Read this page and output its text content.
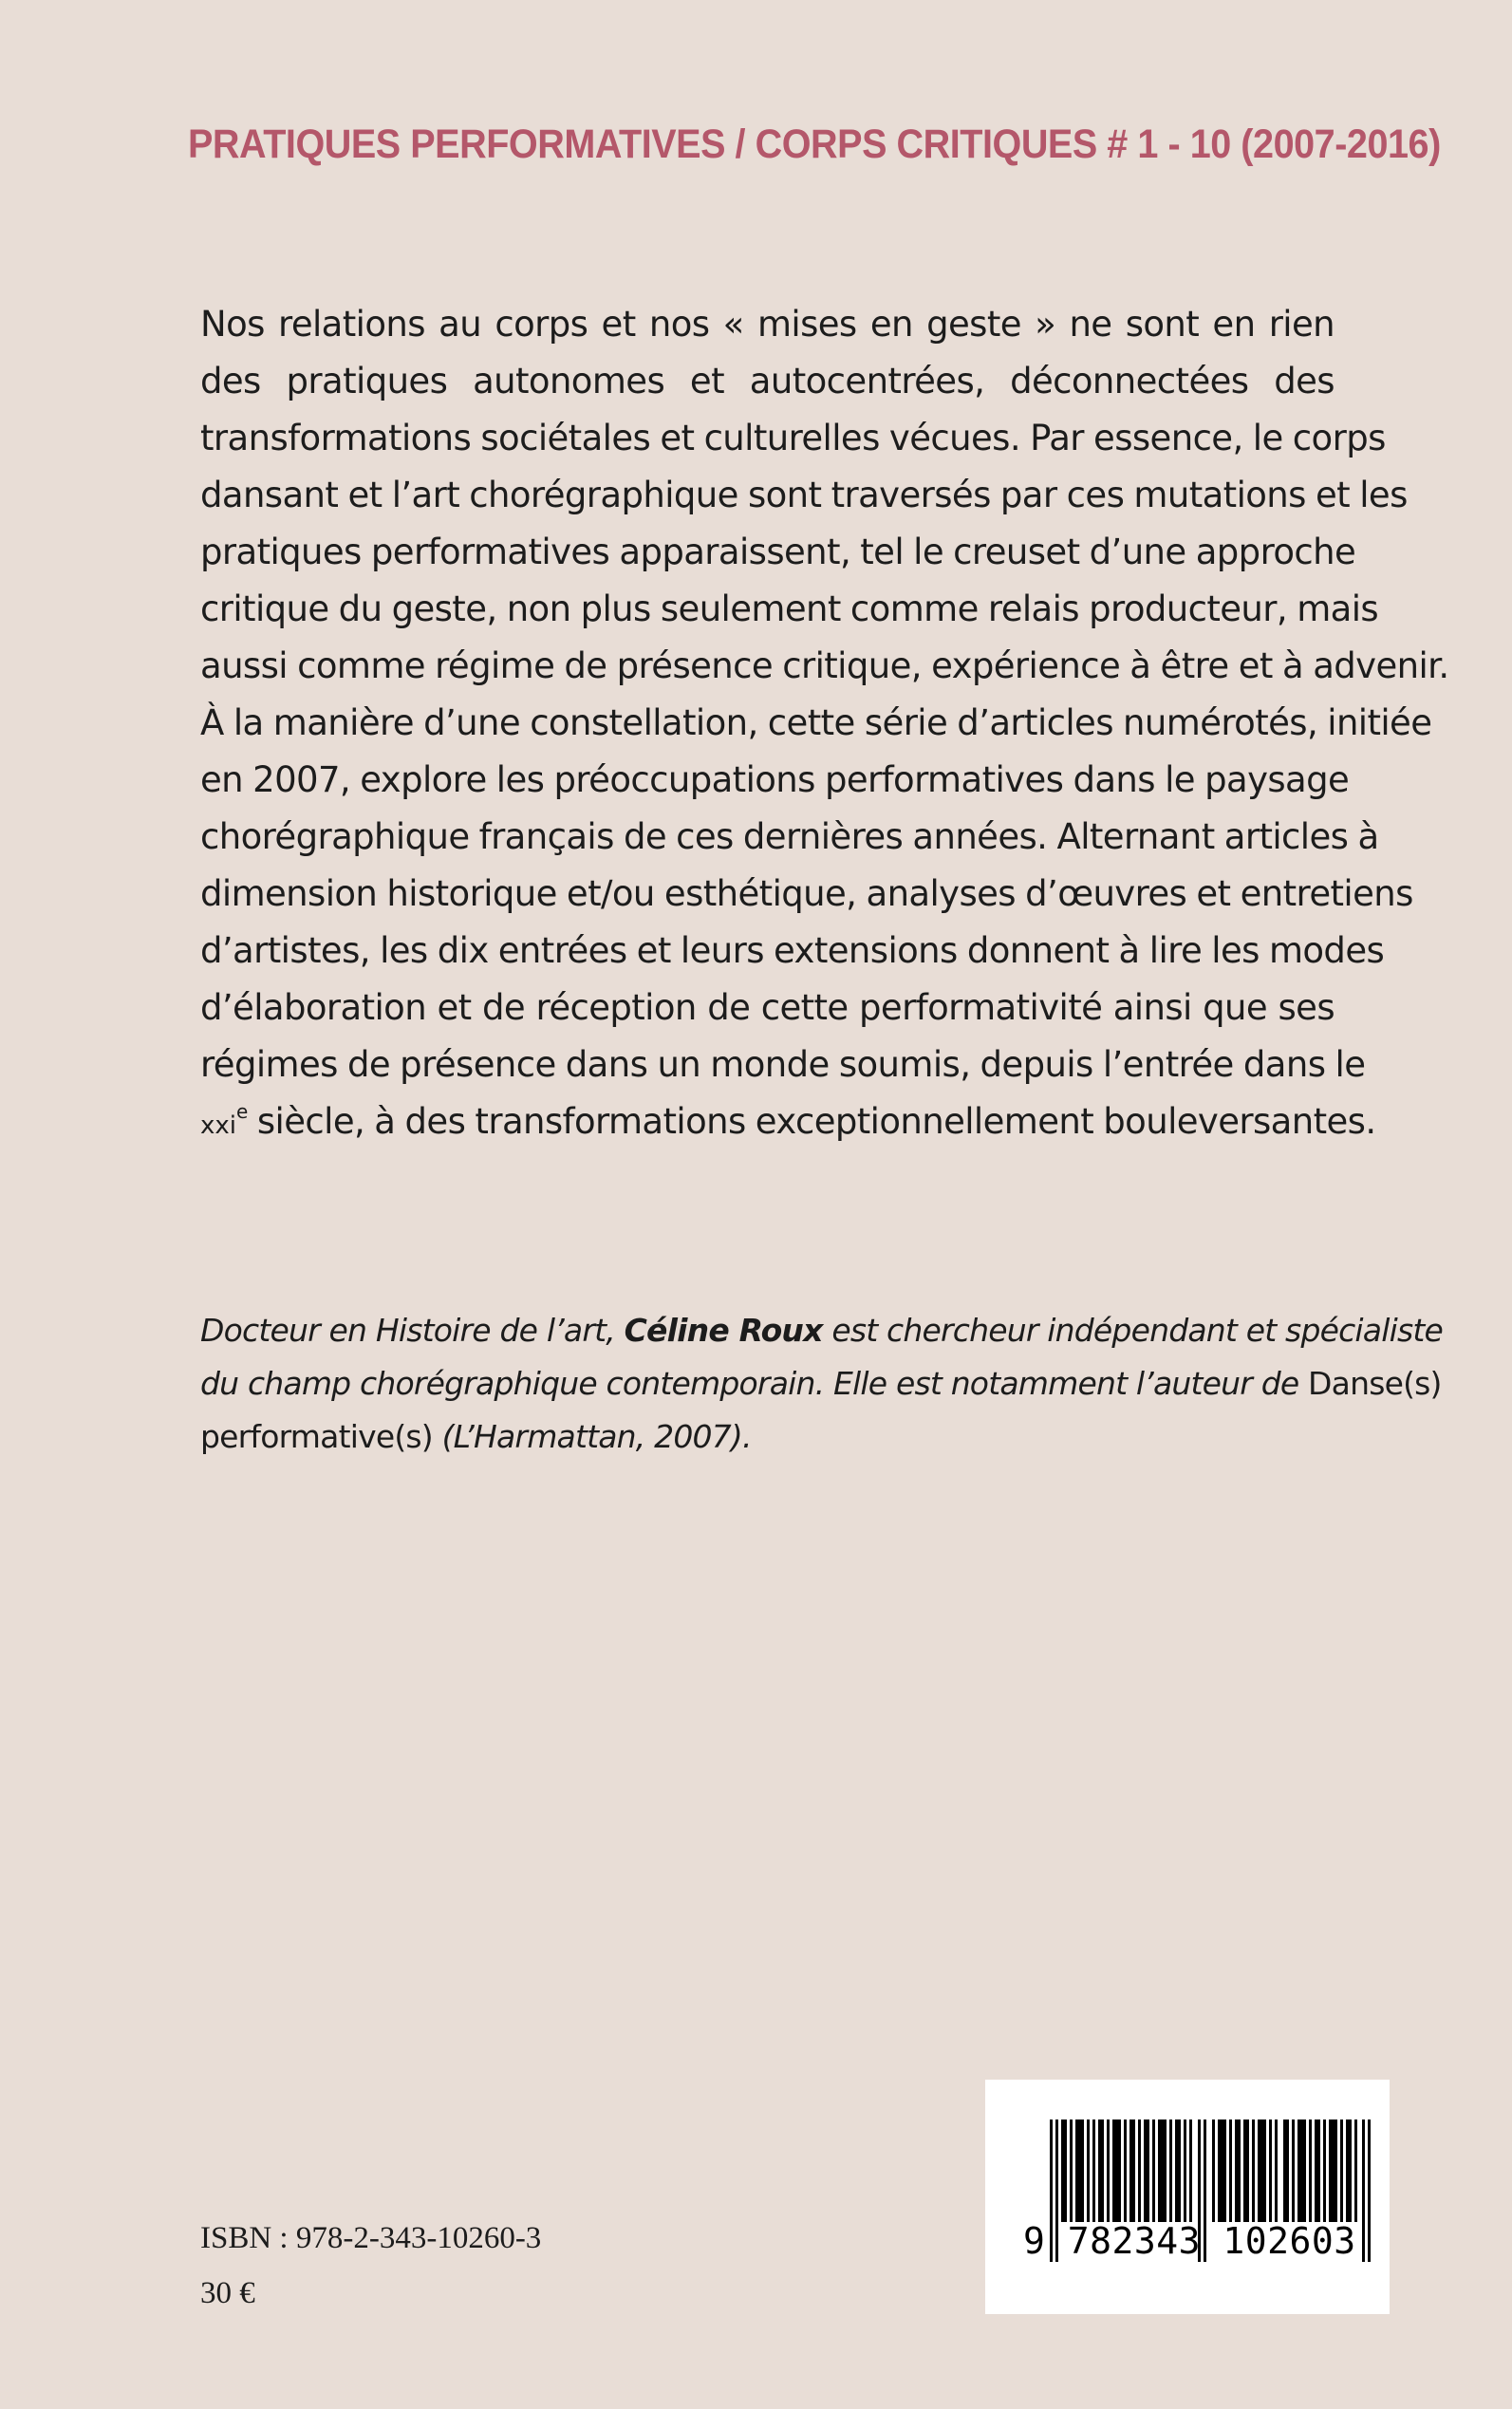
PRATIQUES PERFORMATIVES / CORPS CRITIQUES # 1 - 10 (2007-2016)
Nos relations au corps et nos « mises en geste » ne sont en rien
des pratiques autonomes et autocentrées, déconnectées des
transformations sociétales et culturelles vécues. Par essence, le corps
dansant et l’art chorégraphique sont traversés par ces mutations et les
pratiques performatives apparaissent, tel le creuset d’une approche
critique du geste, non plus seulement comme relais producteur, mais
aussi comme régime de présence critique, expérience à être et à advenir.
À la manière d’une constellation, cette série d’articles numérotés, initiée
en 2007, explore les préoccupations performatives dans le paysage
chorégraphique français de ces dernières années. Alternant articles à
dimension historique et/ou esthétique, analyses d’œuvres et entretiens
d’artistes, les dix entrées et leurs extensions donnent à lire les modes
d’élaboration et de réception de cette performativité ainsi que ses
régimes de présence dans un monde soumis, depuis l’entrée dans le
xxi$^e$ siècle, à des transformations exceptionnellement bouleversantes.
Docteur en Histoire de l’art, Céline Roux est chercheur indépendant et spécialiste
du champ chorégraphique contemporain. Elle est notamment l’auteur de Danse(s)
performative(s) (L’Harmattan, 2007).
ISBN : 978-2-343-10260-3
30 €
9 782343 102603
